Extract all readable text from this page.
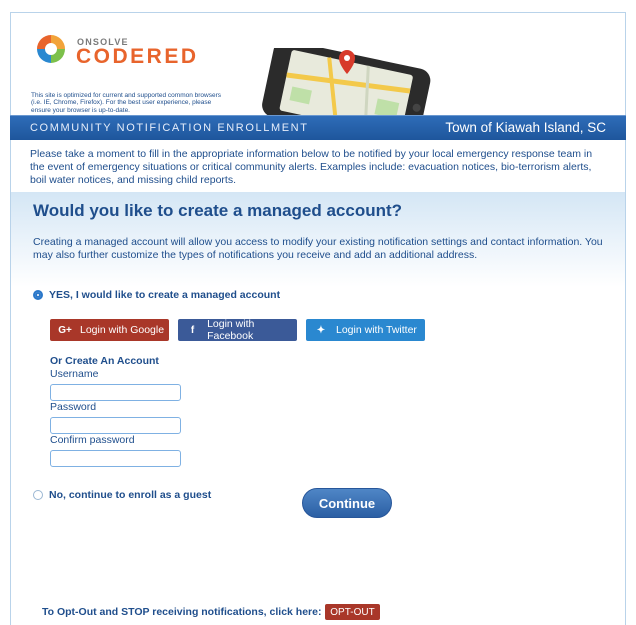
ONSOLVE
CODERED
This site is optimized for current and supported common browsers (i.e. IE, Chrome, Firefox). For the best user experience, please ensure your browser is up-to-date.
COMMUNITY NOTIFICATION ENROLLMENT	Town of Kiawah Island, SC
Please take a moment to fill in the appropriate information below to be notified by your local emergency response team in the event of emergency situations or critical community alerts. Examples include: evacuation notices, bio-terrorism alerts, boil water notices, and missing child reports.
Would you like to create a managed account?
Creating a managed account will allow you access to modify your existing notification settings and contact information. You may also further customize the types of notifications you receive and add an additional address.
YES, I would like to create a managed account
G+ Login with Google	f	Login with Facebook	✦ Login with Twitter
Or Create An Account
Username
Password
Confirm password
No, continue to enroll as a guest
Continue
To Opt-Out and STOP receiving notifications, click here: OPT-OUT
